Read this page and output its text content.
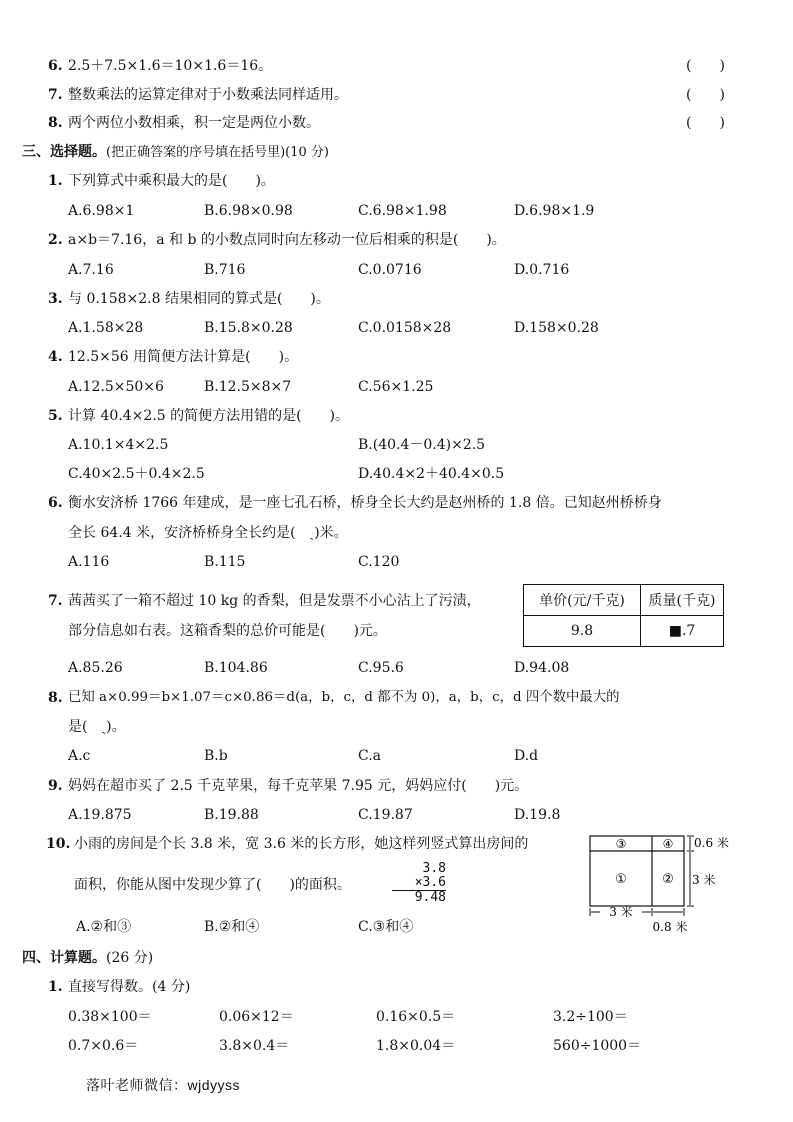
6. 2.5＋7.5×1.6＝10×1.6＝16。	(　　)
7. 整数乘法的运算定律对于小数乘法同样适用。	(　　)
8. 两个两位小数相乘，积一定是两位小数。	(　　)
三、选择题。(把正确答案的序号填在括号里)(10 分)
1. 下列算式中乘积最大的是(　　)。
A.6.98×1	B.6.98×0.98	C.6.98×1.98	D.6.98×1.9
2. a×b＝7.16，a 和 b 的小数点同时向左移动一位后相乘的积是(　　)。
A.7.16	B.716	C.0.0716	D.0.716
3. 与 0.158×2.8 结果相同的算式是(　　)。
A.1.58×28	B.15.8×0.28	C.0.0158×28	D.158×0.28
4. 12.5×56 用简便方法计算是(　　)。
A.12.5×50×6	B.12.5×8×7	C.56×1.25
5. 计算 40.4×2.5 的简便方法用错的是(　　)。
A.10.1×4×2.5	B.(40.4－0.4)×2.5
C.40×2.5＋0.4×2.5	D.40.4×2＋40.4×0.5
6. 衡水安济桥 1766 年建成，是一座七孔石桥，桥身全长大约是赵州桥的 1.8 倍。已知赵州桥桥身
全长 64.4 米，安济桥桥身全长约是(　ˎ)米。
A.116	B.115	C.120
7. 茜茜买了一箱不超过 10 kg 的香梨，但是发票不小心沾上了污渍，
部分信息如右表。这箱香梨的总价可能是(　　)元。
单价(元/千克)	质量(千克)
9.8	■.7
A.85.26	B.104.86	C.95.6	D.94.08
8. 已知 a×0.99＝b×1.07＝c×0.86＝d(a，b，c，d 都不为 0)，a，b，c，d 四个数中最大的
是(　ˎ)。
A.c	B.b	C.a	D.d
9. 妈妈在超市买了 2.5 千克苹果，每千克苹果 7.95 元，妈妈应付(　　)元。
A.19.875	B.19.88	C.19.87	D.19.8
10. 小雨的房间是个长 3.8 米，宽 3.6 米的长方形，她这样列竖式算出房间的
面积，你能从图中发现少算了(　　)的面积。
3.8
×3.6
9.48
A.②和③	B.②和④	C.③和④
③	④
①	②
0.6 米
3 米
3 米
0.8 米
四、计算题。(26 分)
1. 直接写得数。(4 分)
0.38×100＝	0.06×12＝	0.16×0.5＝	3.2÷100＝
0.7×0.6＝	3.8×0.4＝	1.8×0.04＝	560÷1000＝
落叶老师微信：wjdyyss
